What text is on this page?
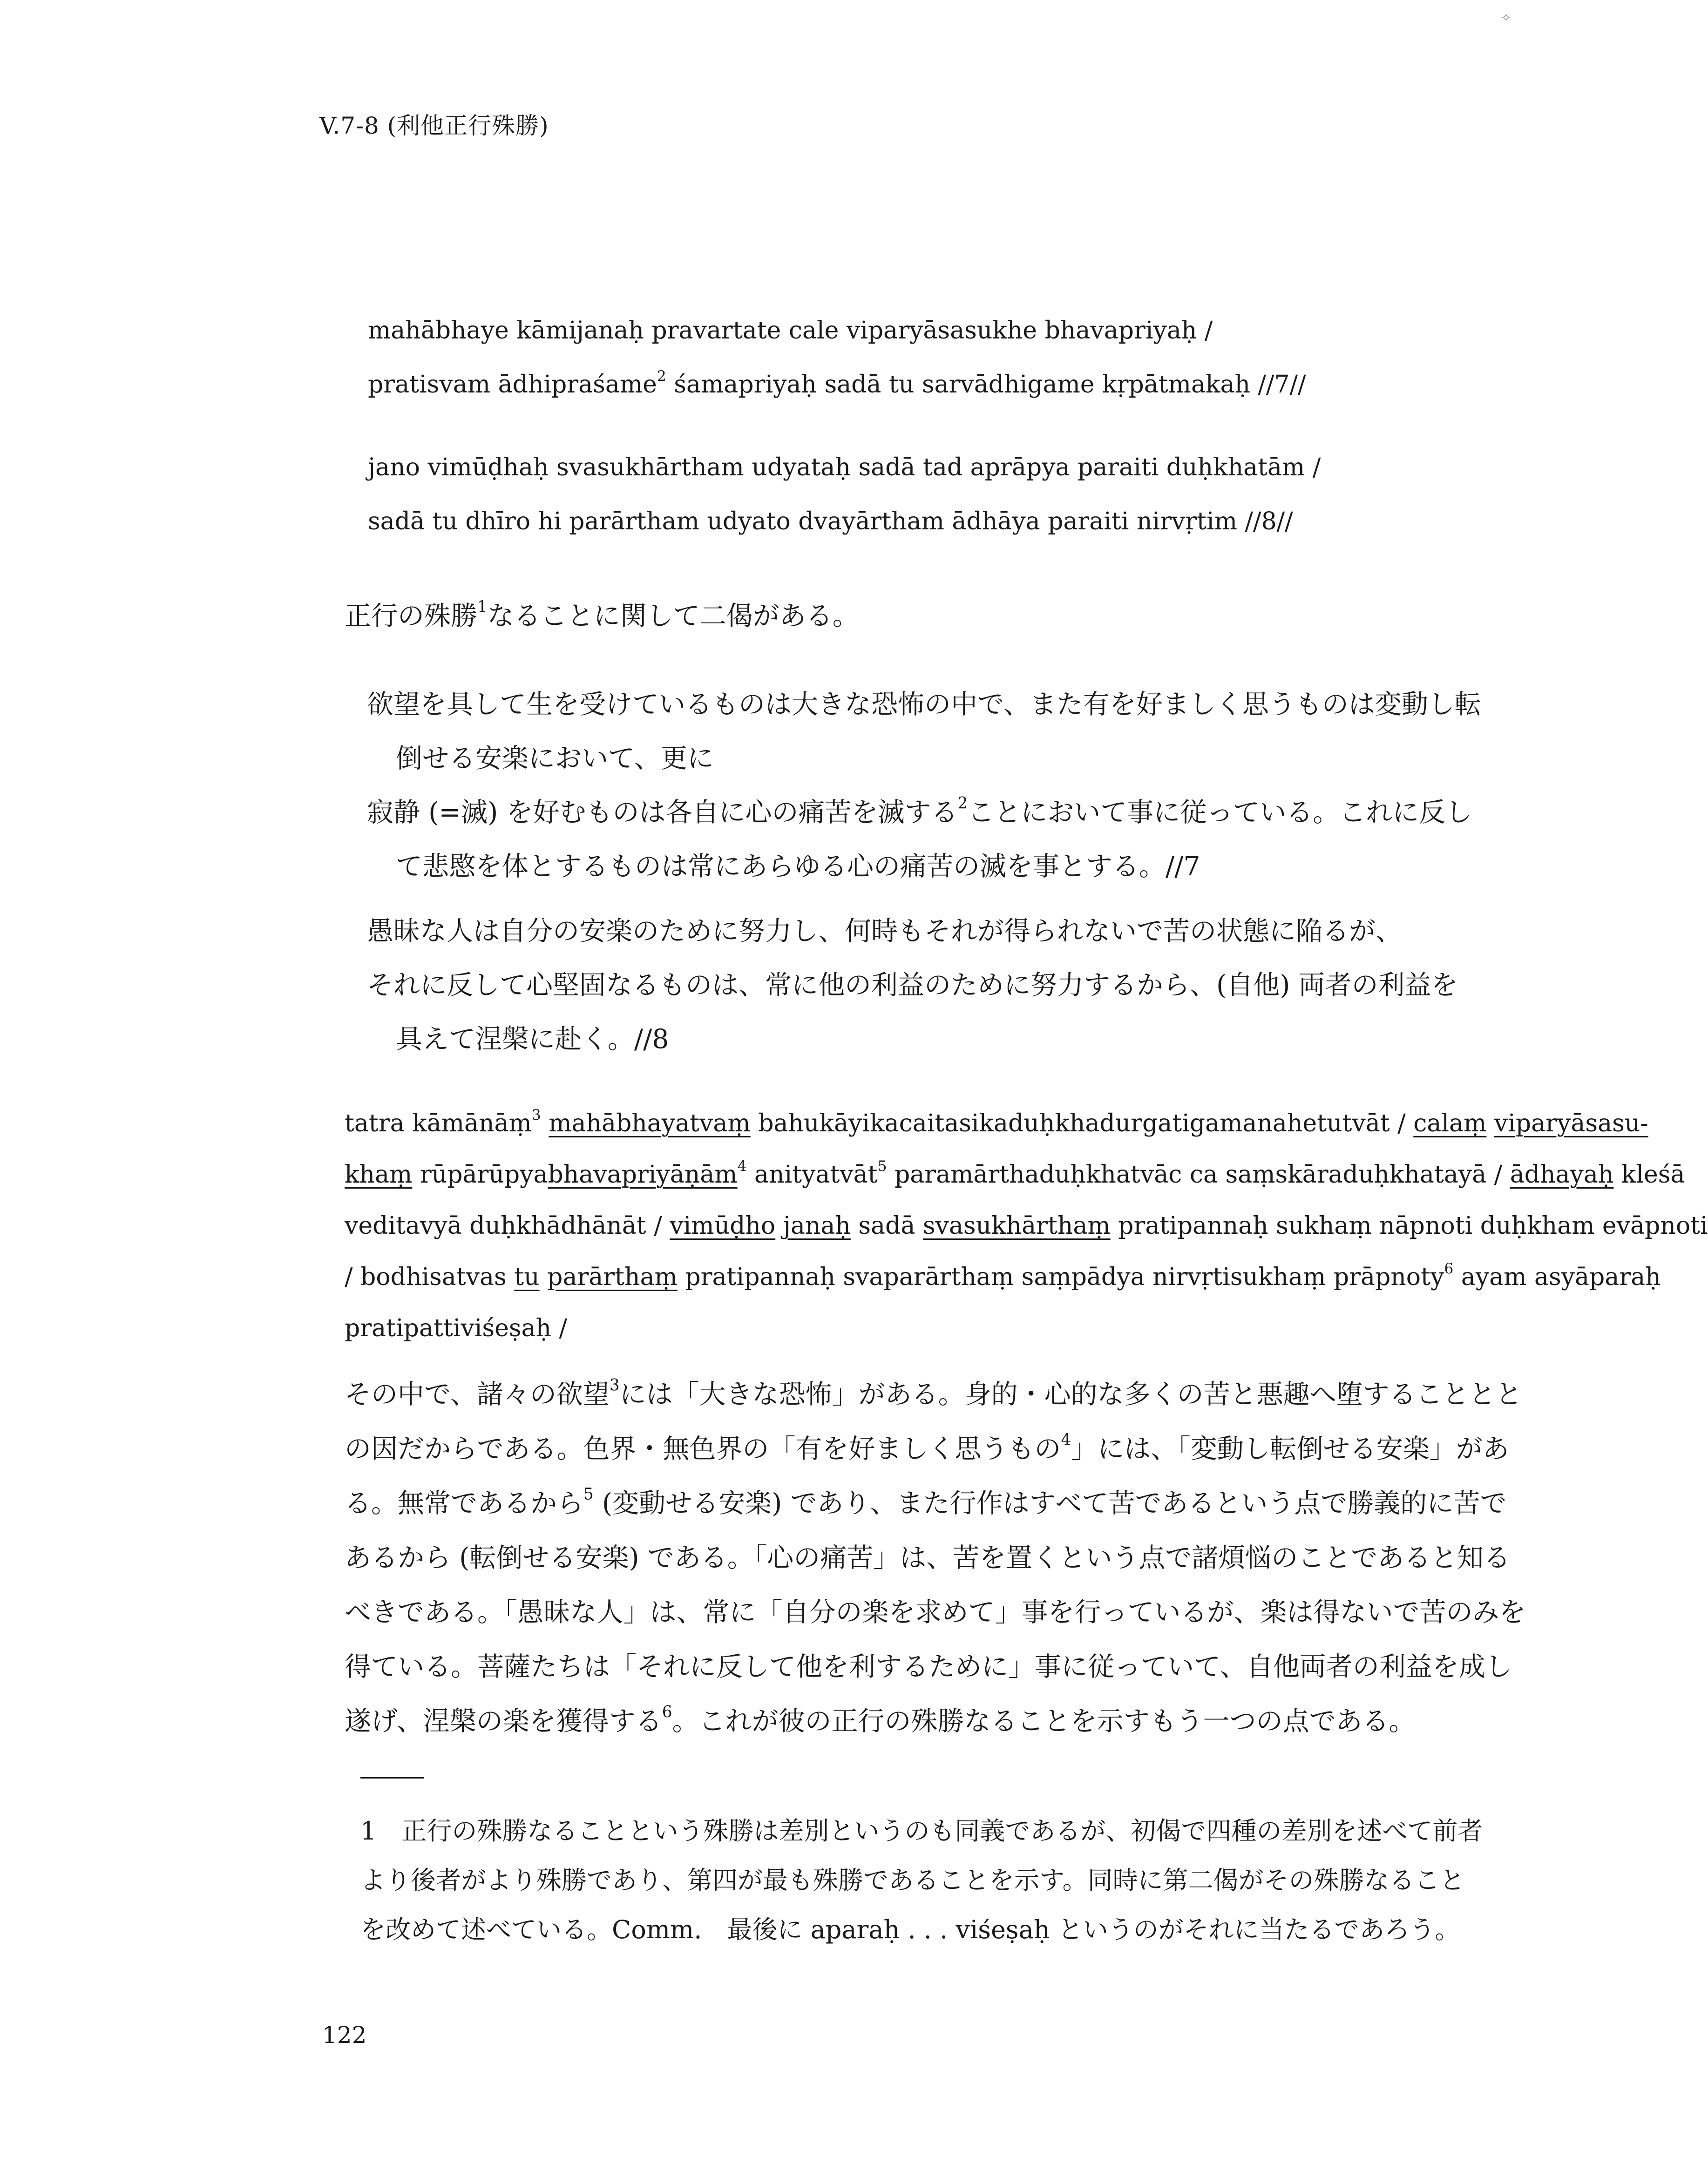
✧
V.7-8 (利他正行殊勝)
mahābhaye kāmijanaḥ pravartate cale viparyāsasukhe bhavapriyaḥ /
pratisvam ādhipraśame$^2$ śamapriyaḥ sadā tu sarvādhigame kṛpātmakaḥ //7//
jano vimūḍhaḥ svasukhārtham udyataḥ sadā tad aprāpya paraiti duḥkhatām /
sadā tu dhīro hi parārtham udyato dvayārtham ādhāya paraiti nirvṛtim //8//
正行の殊勝$^1$なることに関して二偈がある。
欲望を具して生を受けているものは大きな恐怖の中で、また有を好ましく思うものは変動し転
倒せる安楽において、更に
寂静 (=滅) を好むものは各自に心の痛苦を滅する$^2$ことにおいて事に従っている。これに反し
て悲愍を体とするものは常にあらゆる心の痛苦の滅を事とする。//7
愚昧な人は自分の安楽のために努力し、何時もそれが得られないで苦の状態に陥るが、
それに反して心堅固なるものは、常に他の利益のために努力するから、(自他) 両者の利益を
具えて涅槃に赴く。//8
tatra kāmānāṃ$^3$ mahābhayatvaṃ bahukāyikacaitasikaduḥkhadurgatigamanahetutvāt / calaṃ viparyāsasu-
khaṃ rūpārūpyabhavapriyāṇām$^4$ anityatvāt$^5$ paramārthaduḥkhatvāc ca saṃskāraduḥkhatayā / ādhayaḥ kleśā
veditavyā duḥkhādhānāt / vimūḍho janaḥ sadā svasukhārthaṃ pratipannaḥ sukhaṃ nāpnoti duḥkham evāpnoti
/ bodhisatvas tu parārthaṃ pratipannaḥ svaparārthaṃ saṃpādya nirvṛtisukhaṃ prāpnoty$^6$ ayam asyāparaḥ
pratipattiviśeṣaḥ /
その中で、諸々の欲望$^3$には「大きな恐怖」がある。身的・心的な多くの苦と悪趣へ堕することとと
の因だからである。色界・無色界の「有を好ましく思うもの$^4$」には、「変動し転倒せる安楽」があ
る。無常であるから$^5$ (変動せる安楽) であり、また行作はすべて苦であるという点で勝義的に苦で
あるから (転倒せる安楽) である。「心の痛苦」は、苦を置くという点で諸煩悩のことであると知る
べきである。「愚昧な人」は、常に「自分の楽を求めて」事を行っているが、楽は得ないで苦のみを
得ている。菩薩たちは「それに反して他を利するために」事に従っていて、自他両者の利益を成し
遂げ、涅槃の楽を獲得する$^6$。これが彼の正行の殊勝なることを示すもう一つの点である。
1　正行の殊勝なることという殊勝は差別というのも同義であるが、初偈で四種の差別を述べて前者
より後者がより殊勝であり、第四が最も殊勝であることを示す。同時に第二偈がその殊勝なること
を改めて述べている。Comm.　最後に aparaḥ . . . viśeṣaḥ というのがそれに当たるであろう。
122
